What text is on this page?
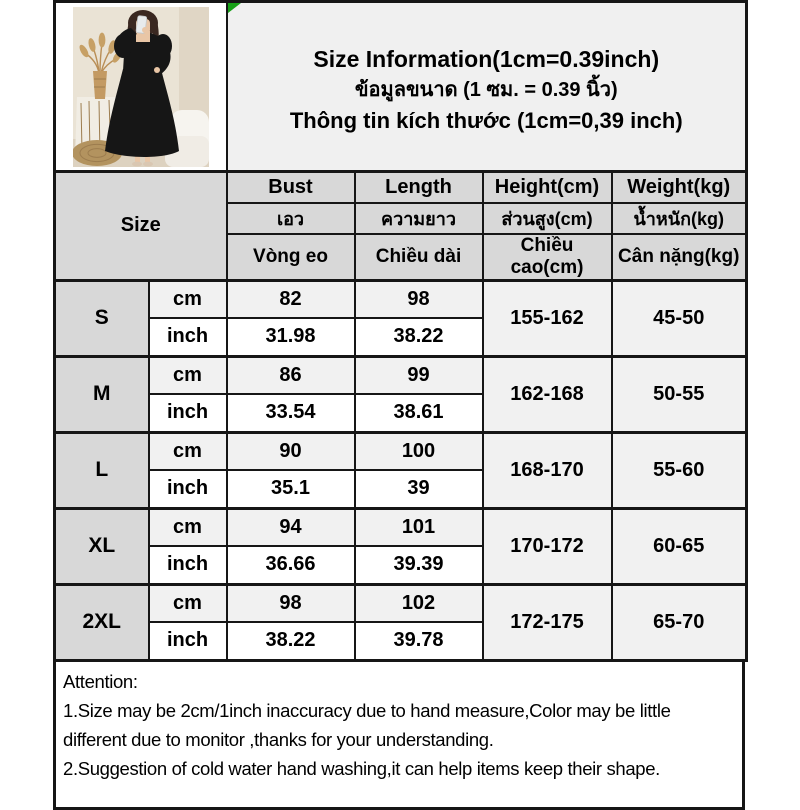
Size Information(1cm=0.39inch)
ข้อมูลขนาด (1 ซม. = 0.39 นิ้ว)
Thông tin kích thước (1cm=0,39 inch)			

Size		Bust	Length	Height(cm)	Weight(kg)
		เอว	ความยาว	ส่วนสูง(cm)	น้ำหนัก(kg)
		Vòng eo	Chiều dài	Chiều cao(cm)	Cân nặng(kg)
S	cm	82	98	155-162	45-50
	inch	31.98	38.22		
M	cm	86	99	162-168	50-55
	inch	33.54	38.61		
L	cm	90	100	168-170	55-60
	inch	35.1	39		
XL	cm	94	101	170-172	60-65
	inch	36.66	39.39		
2XL	cm	98	102	172-175	65-70
	inch	38.22	39.78		
Attention:
1.Size may be 2cm/1inch inaccuracy due to hand measure,Color may be little different due to monitor ,thanks for your understanding.
2.Suggestion of cold water hand washing,it can help items keep their shape.
